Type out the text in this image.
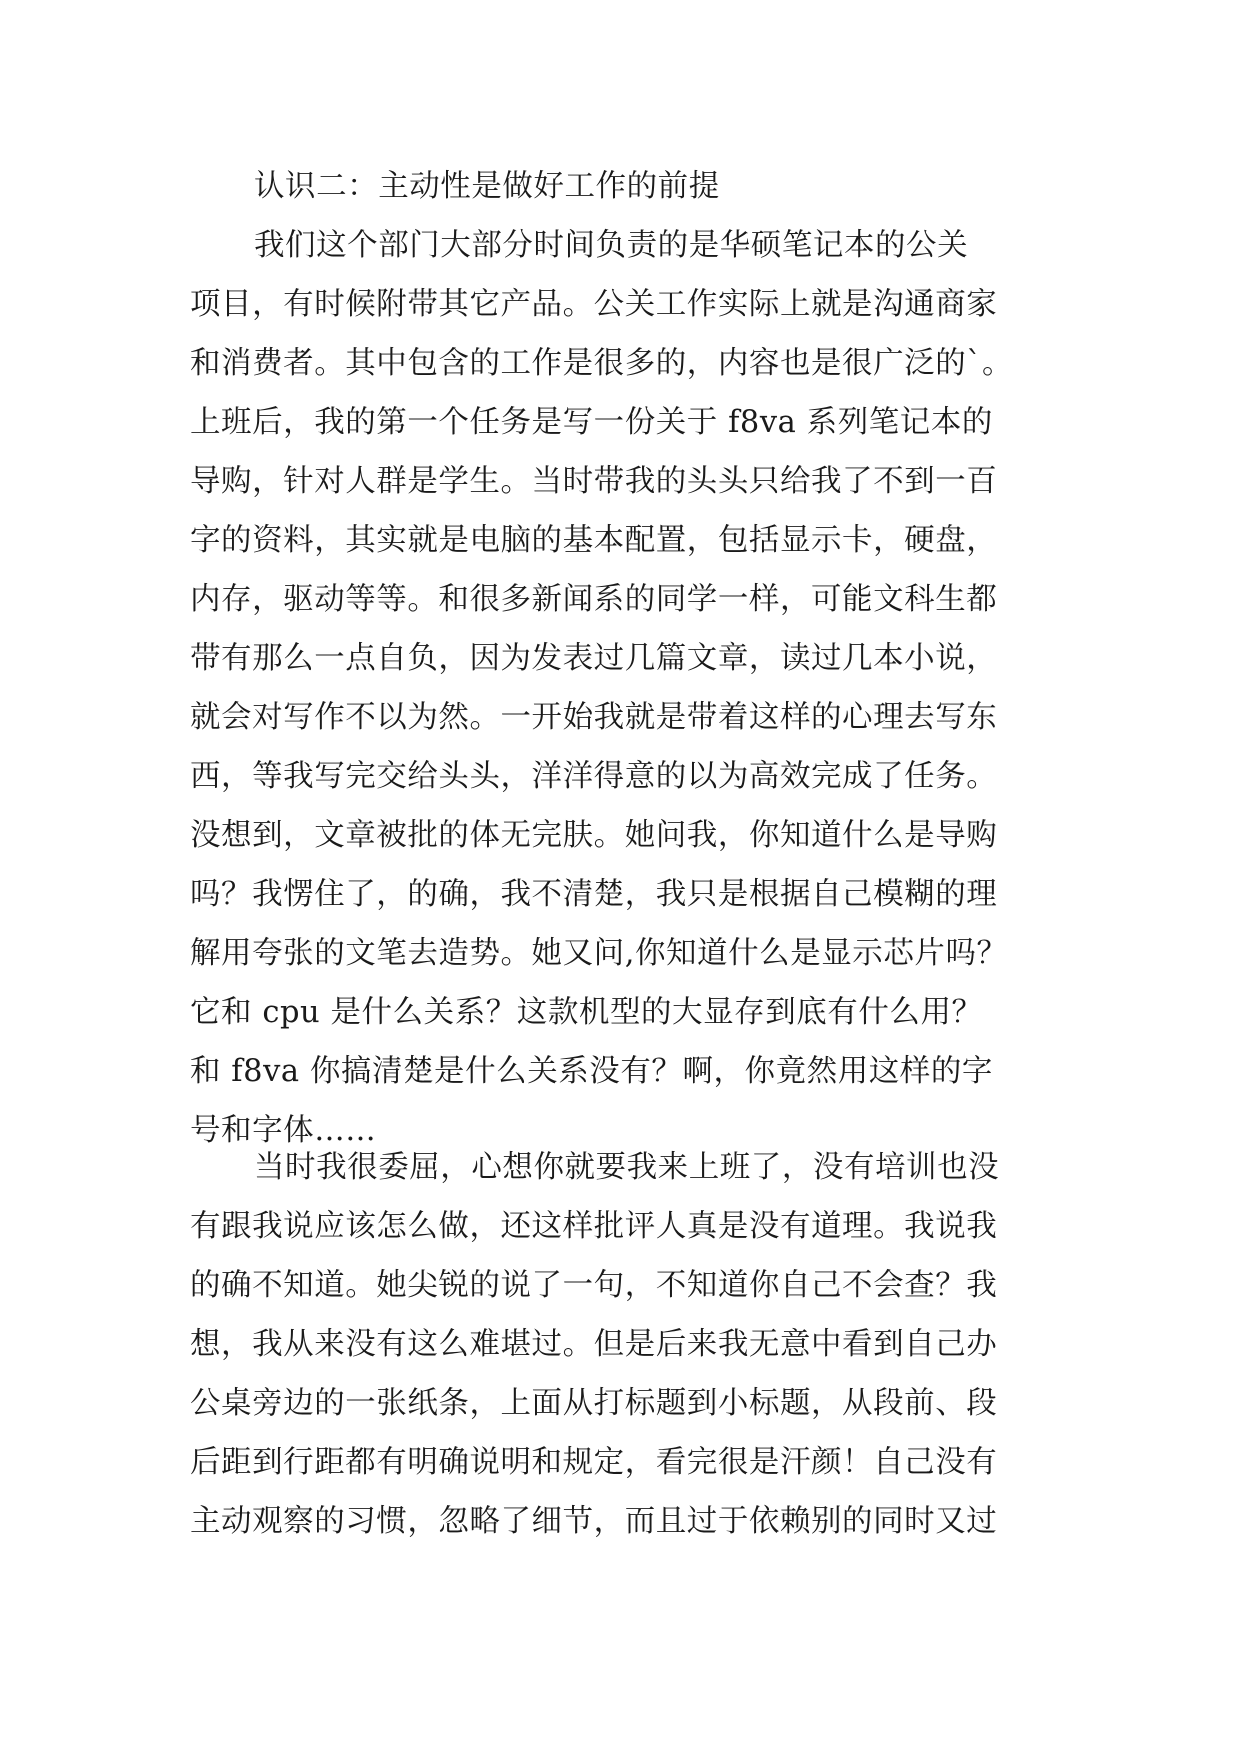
认识二：主动性是做好工作的前提
我们这个部门大部分时间负责的是华硕笔记本的公关
项目，有时候附带其它产品。公关工作实际上就是沟通商家
和消费者。其中包含的工作是很多的，内容也是很广泛的`。
上班后，我的第一个任务是写一份关于 f8va 系列笔记本的
导购，针对人群是学生。当时带我的头头只给我了不到一百
字的资料，其实就是电脑的基本配置，包括显示卡，硬盘，
内存，驱动等等。和很多新闻系的同学一样，可能文科生都
带有那么一点自负，因为发表过几篇文章，读过几本小说，
就会对写作不以为然。一开始我就是带着这样的心理去写东
西，等我写完交给头头，洋洋得意的以为高效完成了任务。
没想到，文章被批的体无完肤。她问我，你知道什么是导购
吗？我愣住了，的确，我不清楚，我只是根据自己模糊的理
解用夸张的文笔去造势。她又问,你知道什么是显示芯片吗？
它和 cpu 是什么关系？这款机型的大显存到底有什么用？
和 f8va 你搞清楚是什么关系没有？啊，你竟然用这样的字
号和字体……
当时我很委屈，心想你就要我来上班了，没有培训也没
有跟我说应该怎么做，还这样批评人真是没有道理。我说我
的确不知道。她尖锐的说了一句，不知道你自己不会查？我
想，我从来没有这么难堪过。但是后来我无意中看到自己办
公桌旁边的一张纸条，上面从打标题到小标题，从段前、段
后距到行距都有明确说明和规定，看完很是汗颜！自己没有
主动观察的习惯，忽略了细节，而且过于依赖别的同时又过
